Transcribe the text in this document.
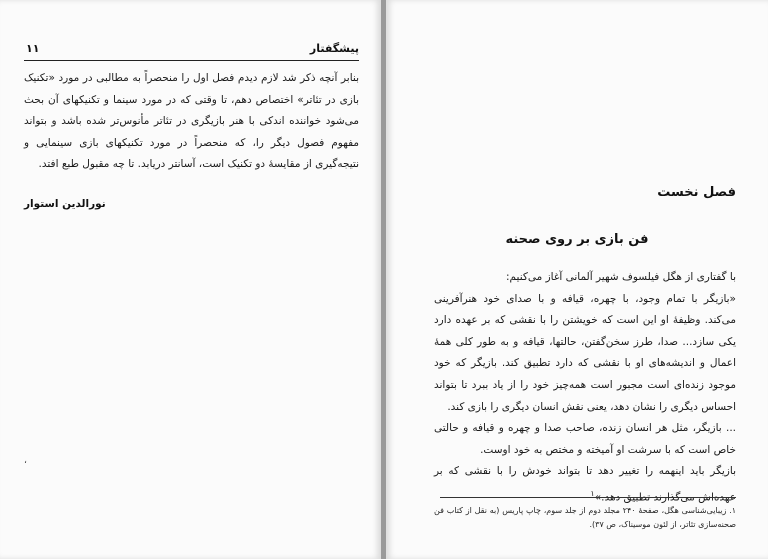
۱۱	پیشگفتار

بنابر آنچه ذکر شد لازم دیدم فصل اول را منحصراً به مطالبی در مورد «تکنیک بازی در تئاتر» اختصاص دهم، تا وقتی که در مورد سینما و تکنیکهای آن بحث می‌شود خواننده اندکی با هنر بازیگری در تئاتر مأنوس‌تر شده باشد و بتواند مفهوم فصول دیگر را، که منحصراً در مورد تکنیکهای بازی سینمایی و نتیجه‌گیری از مقایسهٔ دو تکنیک است، آسانتر دریابد. تا چه مقبول طبع افتد.

نورالدین استوار
،
فصل نخست
فن بازی بر روی صحنه

با گفتاری از هگل فیلسوف شهیر آلمانی آغاز می‌کنیم:

«بازیگر با تمام وجود، با چهره، قیافه و با صدای خود هنرآفرینی می‌کند. وظیفهٔ او این است که خویشتن را با نقشی که بر عهده دارد یکی سازد... صدا، طرز سخن‌گفتن، حالتها، قیافه و به طور کلی همهٔ اعمال و اندیشه‌های او با نقشی که دارد تطبیق کند. بازیگر که خود موجود زنده‌ای است مجبور است همه‌چیز خود را از یاد ببرد تا بتواند احساس دیگری را نشان دهد، یعنی نقش انسان دیگری را بازی کند.

... بازیگر، مثل هر انسان زنده، صاحب صدا و چهره و قیافه و حالتی خاص است که با سرشت او آمیخته و مختص به خود اوست.

بازیگر باید اینهمه را تغییر دهد تا بتواند خودش را با نقشی که بر عهده‌اش می‌گذارند تطبیق دهد.»$^۱$

۱. زیبایی‌شناسی هگل، صفحهٔ ۲۴۰ مجلد دوم از جلد سوم، چاپ پاریس (به نقل از کتاب فن صحنه‌سازی تئاتر، از لئون موسیناک، ص ۳۷).
